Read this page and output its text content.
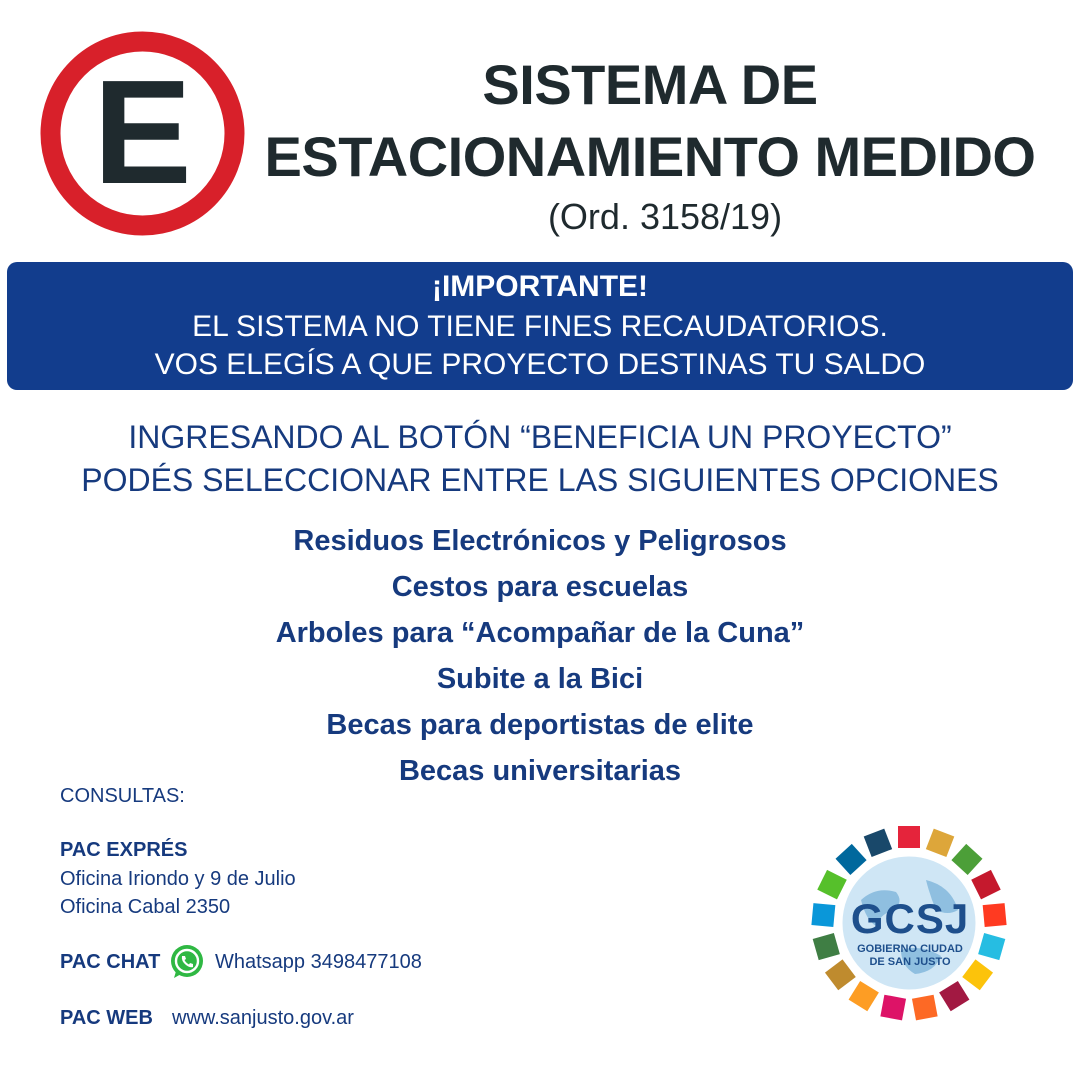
E	SISTEMA DE
ESTACIONAMIENTO MEDIDO
(Ord. 3158/19)
¡IMPORTANTE!
EL SISTEMA NO TIENE FINES RECAUDATORIOS.
VOS ELEGÍS A QUE PROYECTO DESTINAS TU SALDO
INGRESANDO AL BOTÓN “BENEFICIA UN PROYECTO”
PODÉS SELECCIONAR ENTRE LAS SIGUIENTES OPCIONES
Residuos Electrónicos y Peligrosos
Cestos para escuelas
Arboles para “Acompañar de la Cuna”
Subite a la Bici
Becas para deportistas de elite
Becas universitarias
CONSULTAS:
PAC EXPRÉS
Oficina Iriondo y 9 de Julio
Oficina Cabal 2350
PAC CHAT	Whatsapp 3498477108
PAC WEB www.sanjusto.gov.ar
GCSJ
GOBIERNO CIUDAD
DE SAN JUSTO
